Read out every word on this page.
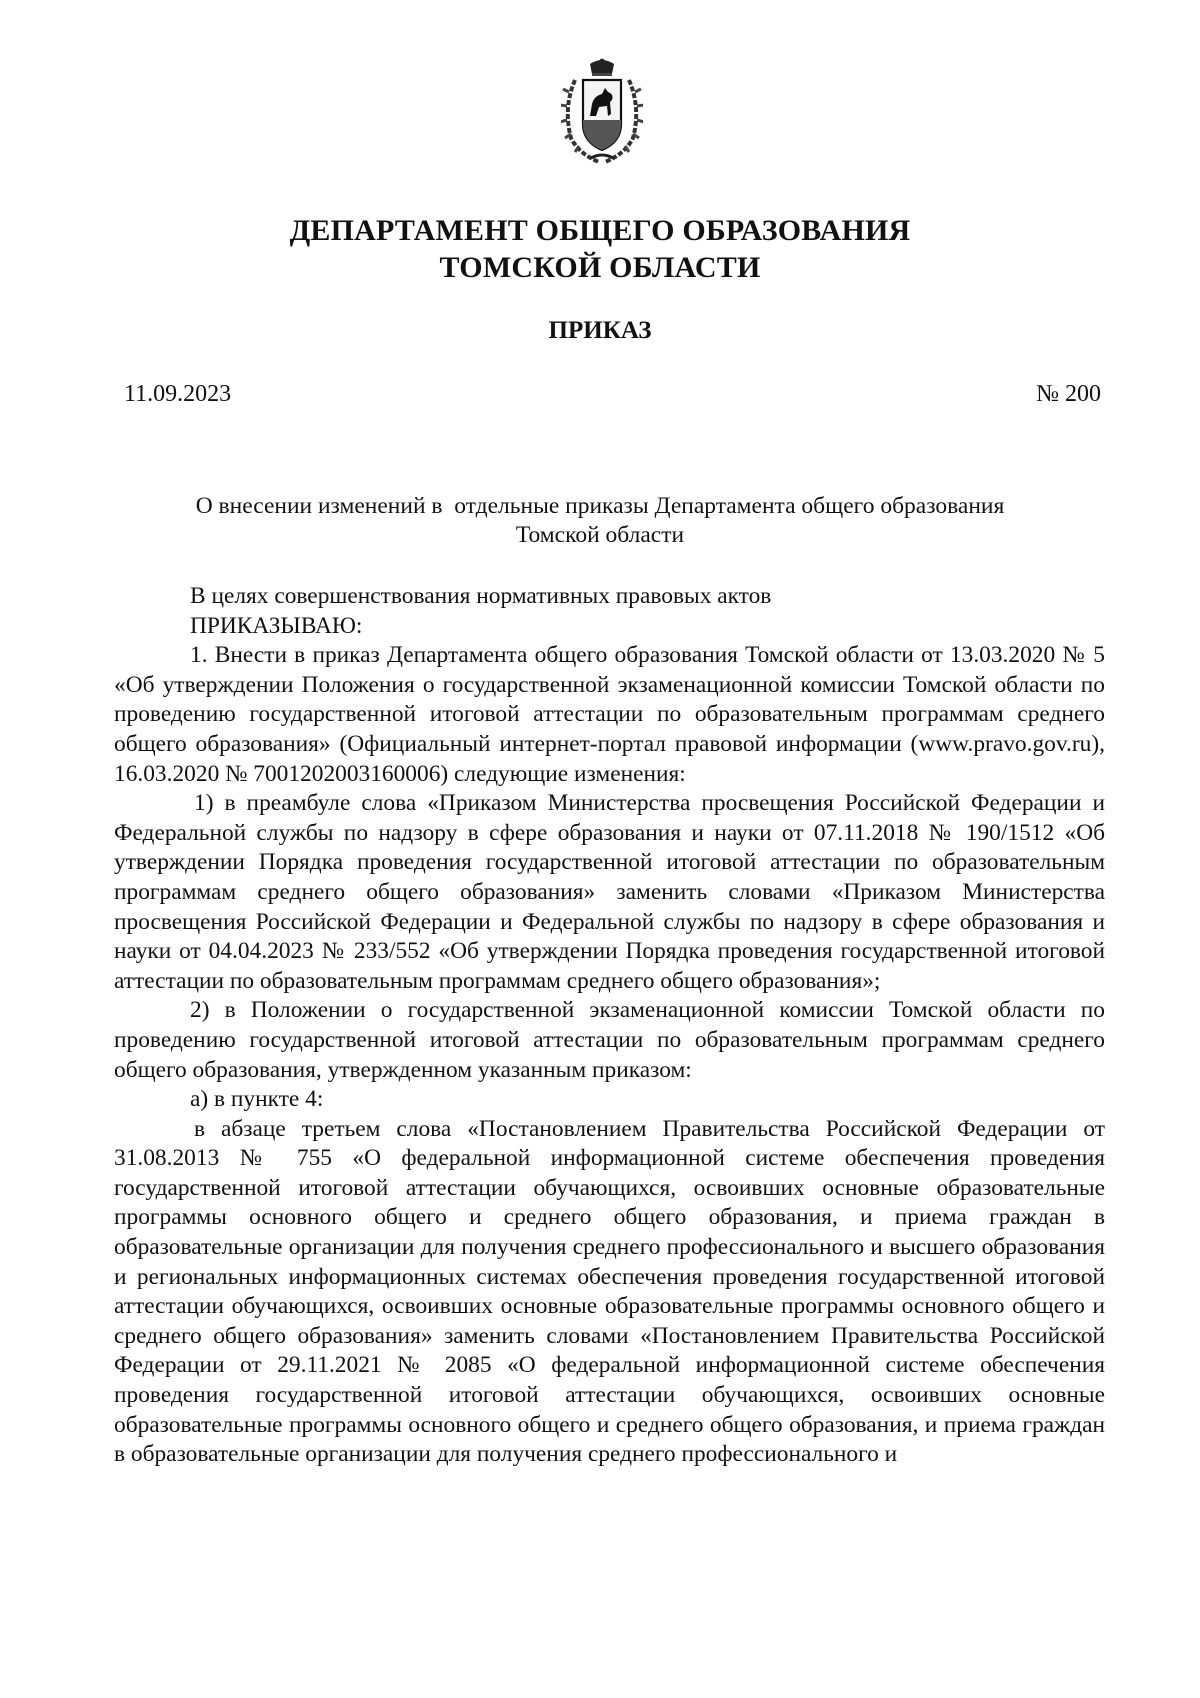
ДЕПАРТАМЕНТ ОБЩЕГО ОБРАЗОВАНИЯ
ТОМСКОЙ ОБЛАСТИ
ПРИКАЗ
11.09.2023	№ 200
О внесении изменений в  отдельные приказы Департамента общего образования
Томской области

В целях совершенствования нормативных правовых актов

ПРИКАЗЫВАЮ:

1. Внести в приказ Департамента общего образования Томской области от 13.03.2020 № 5 «Об утверждении Положения о государственной экзаменационной комиссии Томской области по проведению государственной итоговой аттестации по образовательным программам среднего общего образования» (Официальный интернет-портал правовой информации (www.pravo.gov.ru), 16.03.2020 № 7001202003160006) следующие изменения:

1) в преамбуле слова «Приказом Министерства просвещения Российской Федерации и Федеральной службы по надзору в сфере образования и науки от 07.11.2018 № 190/1512 «Об утверждении Порядка проведения государственной итоговой аттестации по образовательным программам среднего общего образования» заменить словами «Приказом Министерства просвещения Российской Федерации и Федеральной службы по надзору в сфере образования и науки от 04.04.2023 № 233/552 «Об утверждении Порядка проведения государственной итоговой аттестации по образовательным программам среднего общего образования»;

2) в Положении о государственной экзаменационной комиссии Томской области по проведению государственной итоговой аттестации по образовательным программам среднего общего образования, утвержденном указанным приказом:

а) в пункте 4:

в абзаце третьем слова «Постановлением Правительства Российской Федерации от 31.08.2013 № 755 «О федеральной информационной системе обеспечения проведения государственной итоговой аттестации обучающихся, освоивших основные образовательные программы основного общего и среднего общего образования, и приема граждан в образовательные организации для получения среднего профессионального и высшего образования и региональных информационных системах обеспечения проведения государственной итоговой аттестации обучающихся, освоивших основные образовательные программы основного общего и среднего общего образования» заменить словами «Постановлением Правительства Российской Федерации от 29.11.2021 № 2085 «О федеральной информационной системе обеспечения проведения государственной итоговой аттестации обучающихся, освоивших основные образовательные программы основного общего и среднего общего образования, и приема граждан в образовательные организации для получения среднего профессионального и
